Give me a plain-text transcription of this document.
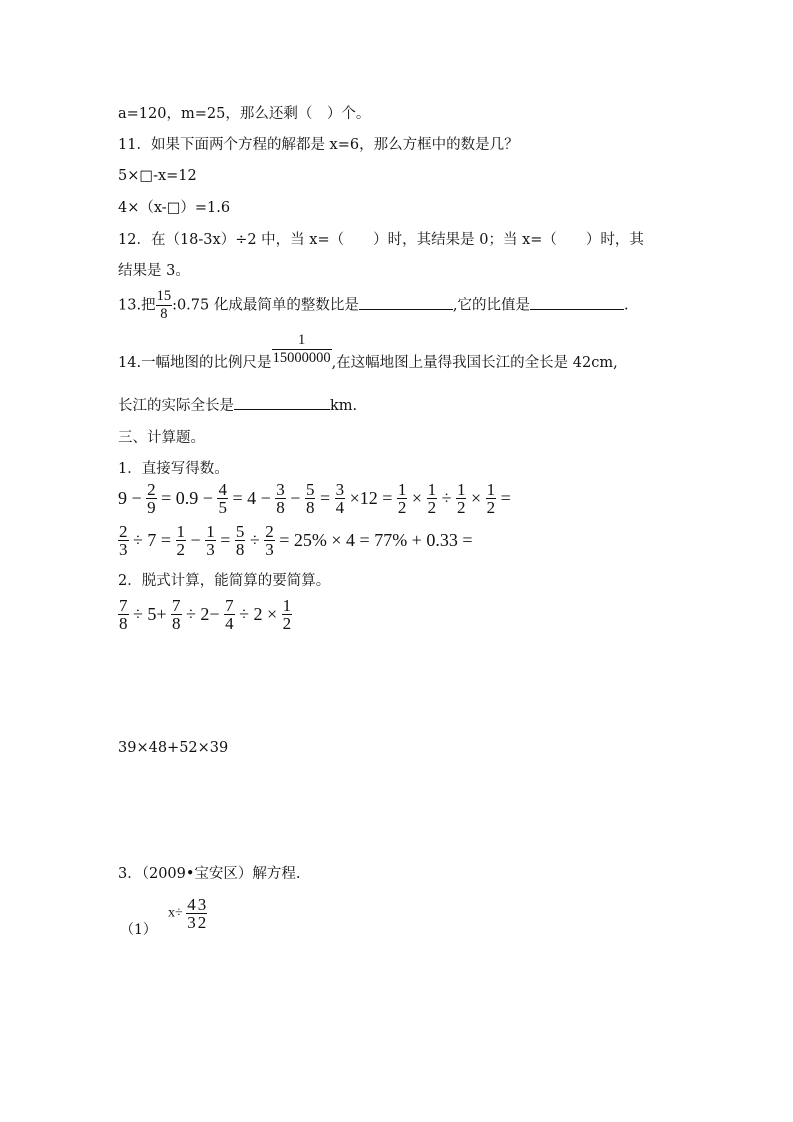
a=120，m=25，那么还剩（　）个。
11．如果下面两个方程的解都是 x=6，那么方框中的数是几？
5×□-x=12
4×（x-□）=1.6
12．在（18-3x）÷2 中，当 x=（　　）时，其结果是 0；当 x=（　　）时，其
结果是 3。
13.把 $\frac{15}{8}$ :0.75 化成最简单的整数比是	,它的比值是	.
14.一幅地图的比例尺是 $\frac{1}{15000000}$ ,在这幅地图上量得我国长江的全长是 42cm,
长江的实际全长是	km.
三、计算题。
1．直接写得数。
$9 - \frac{2}{9} = 0.9 - \frac{4}{5} = 4 - \frac{3}{8} - \frac{5}{8} = \frac{3}{4} \times 12 = \frac{1}{2} \times \frac{1}{2} \div \frac{1}{2} \times \frac{1}{2}$ =
$\frac{2}{3} \div 7 = \frac{1}{2} - \frac{1}{3} = \frac{5}{8} \div \frac{2}{3} = 25\% \times 4 = 77\% + 0.33$ =
2．脱式计算，能简算的要简算。
$\frac{7}{8} \div 5+ \frac{7}{8} \div 2- \frac{7}{4} \div 2 \times \frac{1}{2}$
39×48+52×39
3．（2009•宝安区）解方程.
（1）
$x\div \frac{4}{3} \frac{3}{2}$
